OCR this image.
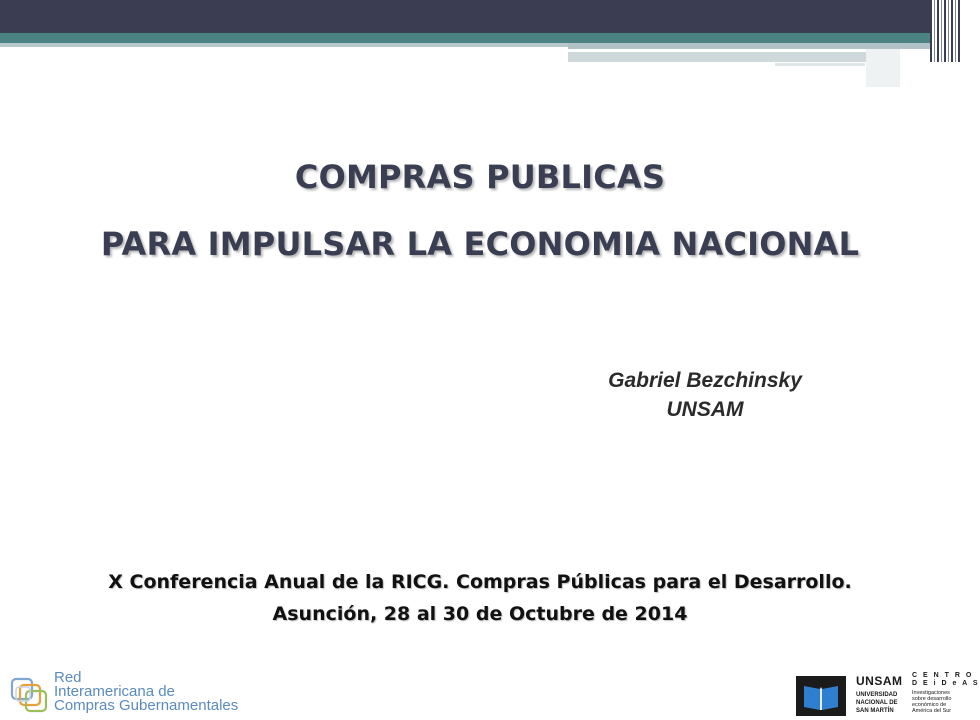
COMPRAS PUBLICAS
PARA IMPULSAR LA ECONOMIA NACIONAL

Gabriel Bezchinsky

UNSAM

X Conferencia Anual de la RICG. Compras Públicas para el Desarrollo.

Asunción, 28 al 30 de Octubre de 2014

Red
Interamericana de
Compras Gubernamentales
UNSAM
UNIVERSIDAD
NACIONAL DE
SAN MARTÍN
C E N T R O
D E i D e A S
Investigaciones
sobre desarrollo
económico de
América del Sur
